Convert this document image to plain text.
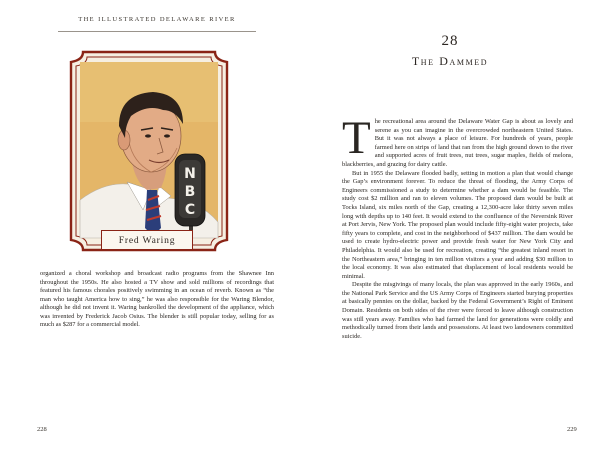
THE ILLUSTRATED DELAWARE RIVER
N
B
C
Fred Waring

organized a choral workshop and broadcast radio programs from the Shawnee Inn throughout the 1950s. He also hosted a TV show and sold millions of recordings that featured his famous chorales positively swimming in an ocean of reverb. Known as “the man who taught America how to sing,” he was also responsible for the Waring Blendor, although he did not invent it. Waring bankrolled the development of the appliance, which was invented by Frederick Jacob Osius. The blender is still popular today, selling for as much as $287 for a commercial model.

228
28
The Dammed

The recreational area around the Delaware Water Gap is about as lovely and serene as you can imagine in the overcrowded northeastern United States. But it was not always a place of leisure. For hundreds of years, people farmed here on strips of land that ran from the high ground down to the river and supported acres of fruit trees, nut trees, sugar maples, fields of melons, blackberries, and grazing for dairy cattle.

But in 1955 the Delaware flooded badly, setting in motion a plan that would change the Gap’s environment forever. To reduce the threat of flooding, the Army Corps of Engineers commissioned a study to determine whether a dam would be feasible. The study cost $2 million and ran to eleven volumes. The proposed dam would be built at Tocks Island, six miles north of the Gap, creating a 12,300-acre lake thirty seven miles long with depths up to 140 feet. It would extend to the confluence of the Neversink River at Port Jervis, New York. The proposed plan would include fifty-eight water projects, take fifty years to complete, and cost in the neighborhood of $437 million. The dam would be used to create hydro-electric power and provide fresh water for New York City and Philadelphia. It would also be used for recreation, creating “the greatest inland resort in the Northeastern area,” bringing in ten million visitors a year and adding $30 million to the local economy. It was also estimated that displacement of local residents would be minimal.

Despite the misgivings of many locals, the plan was approved in the early 1960s, and the National Park Service and the US Army Corps of Engineers started burying properties at basically pennies on the dollar, backed by the Federal Government’s Right of Eminent Domain. Residents on both sides of the river were forced to leave although construction was still years away. Families who had farmed the land for generations were coldly and methodically turned from their lands and possessions. At least two landowners committed suicide.

229
